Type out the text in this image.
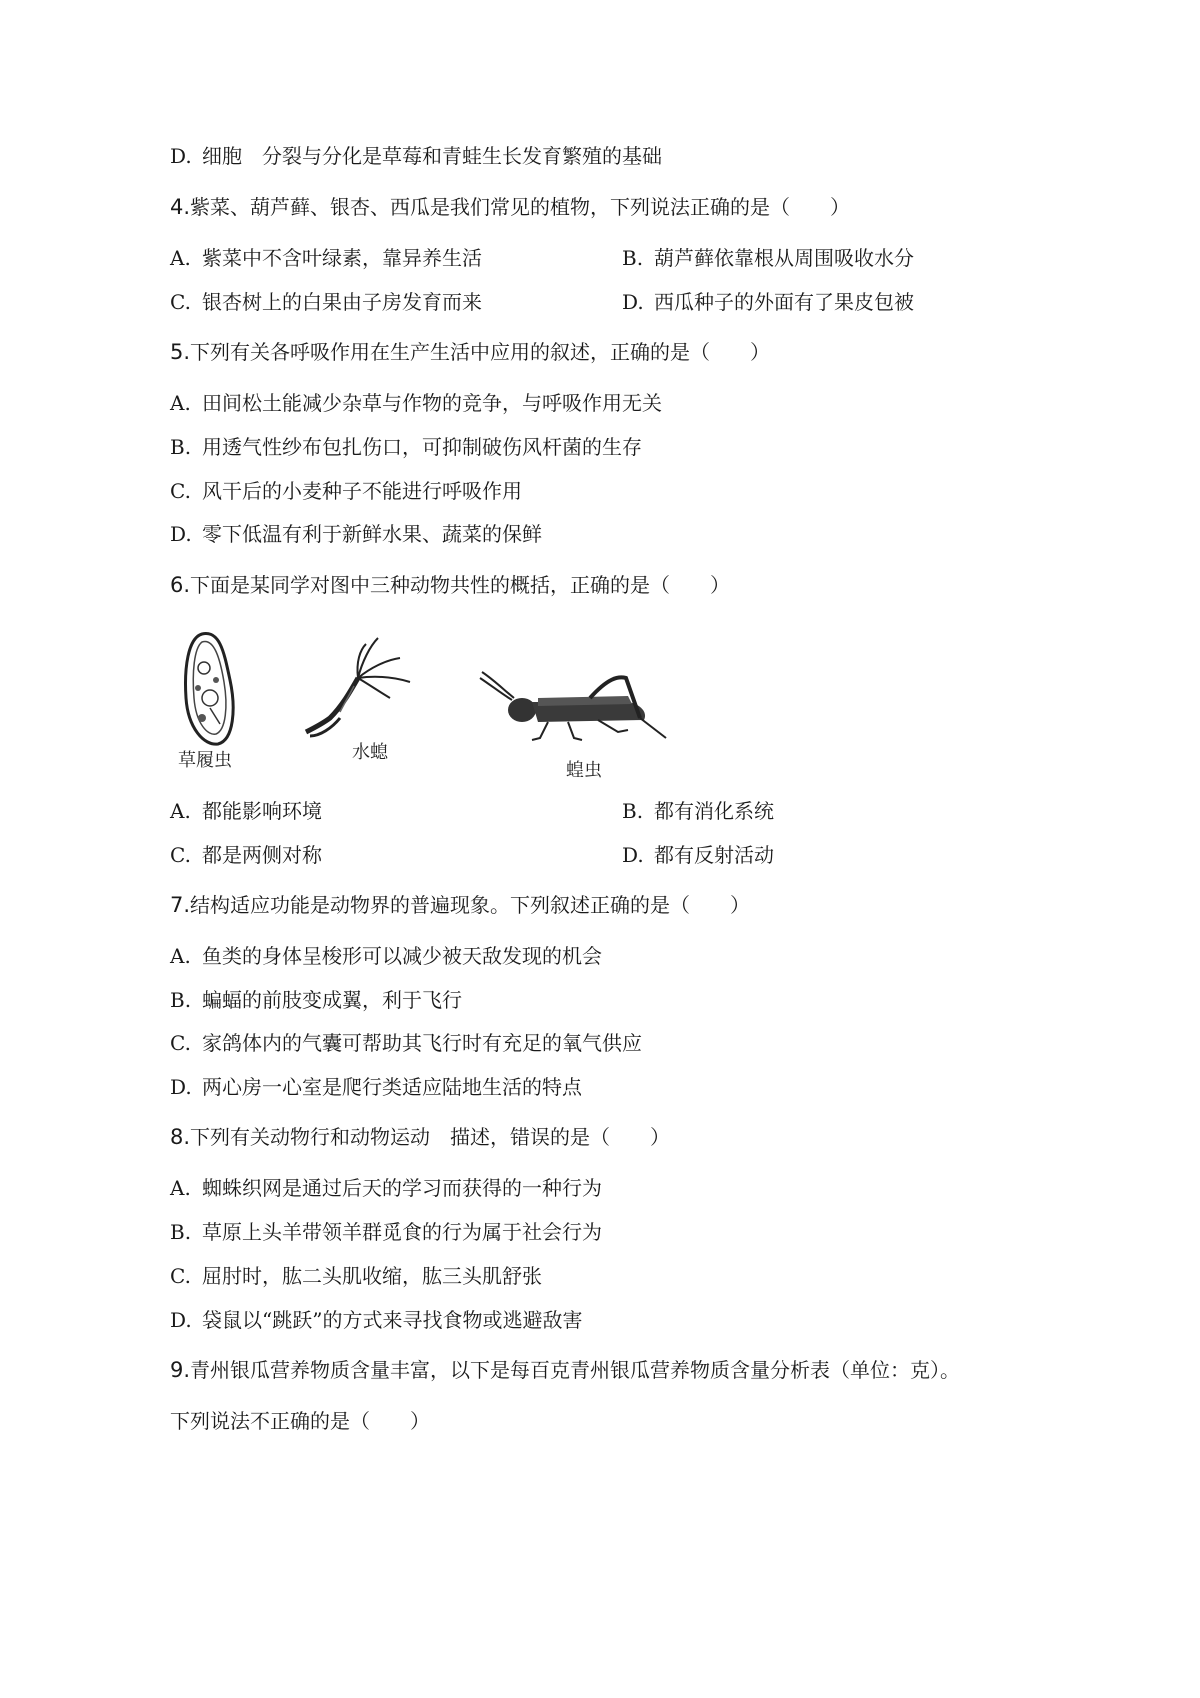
D. 细胞　分裂与分化是草莓和青蛙生长发育繁殖的基础
4.紫菜、葫芦藓、银杏、西瓜是我们常见的植物，下列说法正确的是（　　）
A. 紫菜中不含叶绿素，靠异养生活	B. 葫芦藓依靠根从周围吸收水分
C. 银杏树上的白果由子房发育而来	D. 西瓜种子的外面有了果皮包被
5.下列有关各呼吸作用在生产生活中应用的叙述，正确的是（　　）
A. 田间松土能减少杂草与作物的竞争，与呼吸作用无关
B. 用透气性纱布包扎伤口，可抑制破伤风杆菌的生存
C. 风干后的小麦种子不能进行呼吸作用
D. 零下低温有利于新鲜水果、蔬菜的保鲜
6.下面是某同学对图中三种动物共性的概括，正确的是（　　）
草履虫	水螅
蝗虫
A. 都能影响环境	B. 都有消化系统
C. 都是两侧对称	D. 都有反射活动
7.结构适应功能是动物界的普遍现象。下列叙述正确的是（　　）
A. 鱼类的身体呈梭形可以减少被天敌发现的机会
B. 蝙蝠的前肢变成翼，利于飞行
C. 家鸽体内的气囊可帮助其飞行时有充足的氧气供应
D. 两心房一心室是爬行类适应陆地生活的特点
8.下列有关动物行和动物运动　描述，错误的是（　　）
A. 蜘蛛织网是通过后天的学习而获得的一种行为
B. 草原上头羊带领羊群觅食的行为属于社会行为
C. 屈肘时，肱二头肌收缩，肱三头肌舒张
D. 袋鼠以“跳跃”的方式来寻找食物或逃避敌害
9.青州银瓜营养物质含量丰富，以下是每百克青州银瓜营养物质含量分析表（单位：克）。
下列说法不正确的是（　　）
